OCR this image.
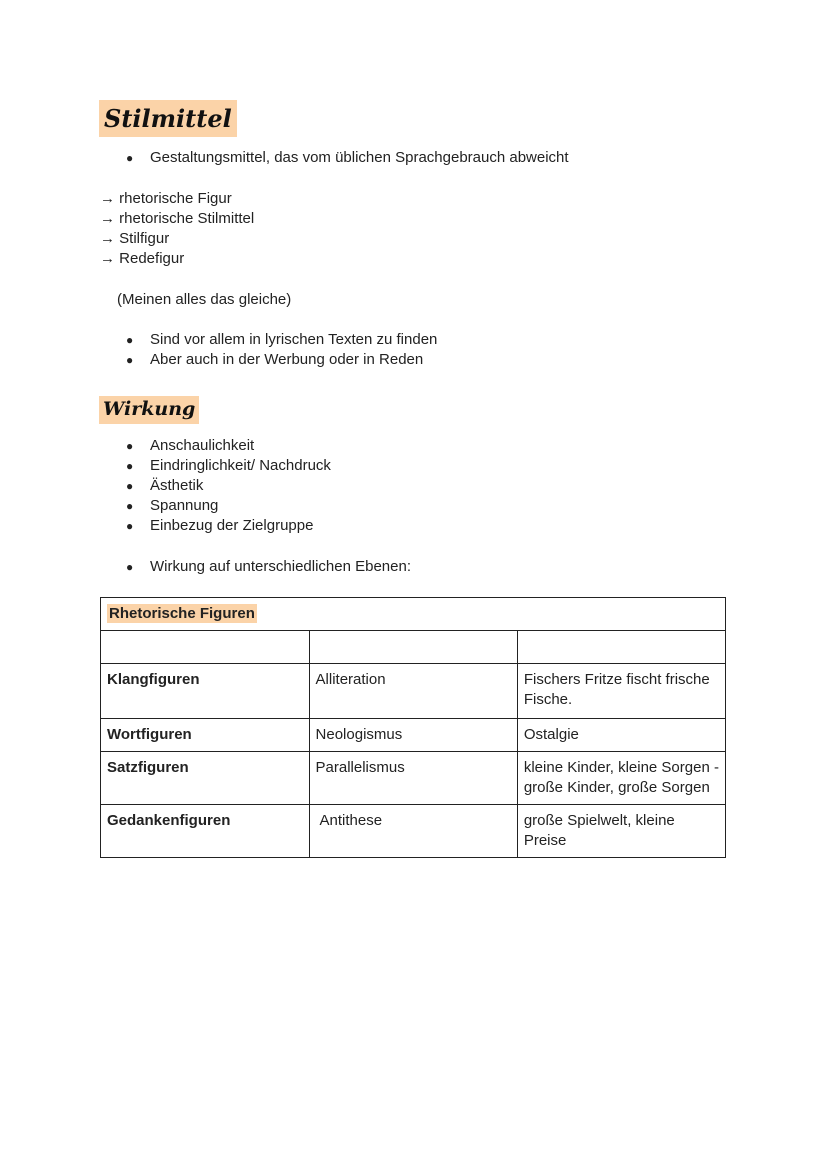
Stilmittel
● Gestaltungsmittel, das vom üblichen Sprachgebrauch abweicht
→ rhetorische Figur
→ rhetorische Stilmittel
→ Stilfigur
→ Redefigur
(Meinen alles das gleiche)
● Sind vor allem in lyrischen Texten zu finden
● Aber auch in der Werbung oder in Reden
Wirkung
● Anschaulichkeit
● Eindringlichkeit/ Nachdruck
● Ästhetik
● Spannung
● Einbezug der Zielgruppe
● Wirkung auf unterschiedlichen Ebenen:
Rhetorische Figuren		

Klangfiguren	Alliteration	Fischers Fritze fischt frische Fische.
Wortfiguren	Neologismus	Ostalgie
Satzfiguren	Parallelismus	kleine Kinder, kleine Sorgen - große Kinder, große Sorgen
Gedankenfiguren	Antithese	große Spielwelt, kleine Preise
